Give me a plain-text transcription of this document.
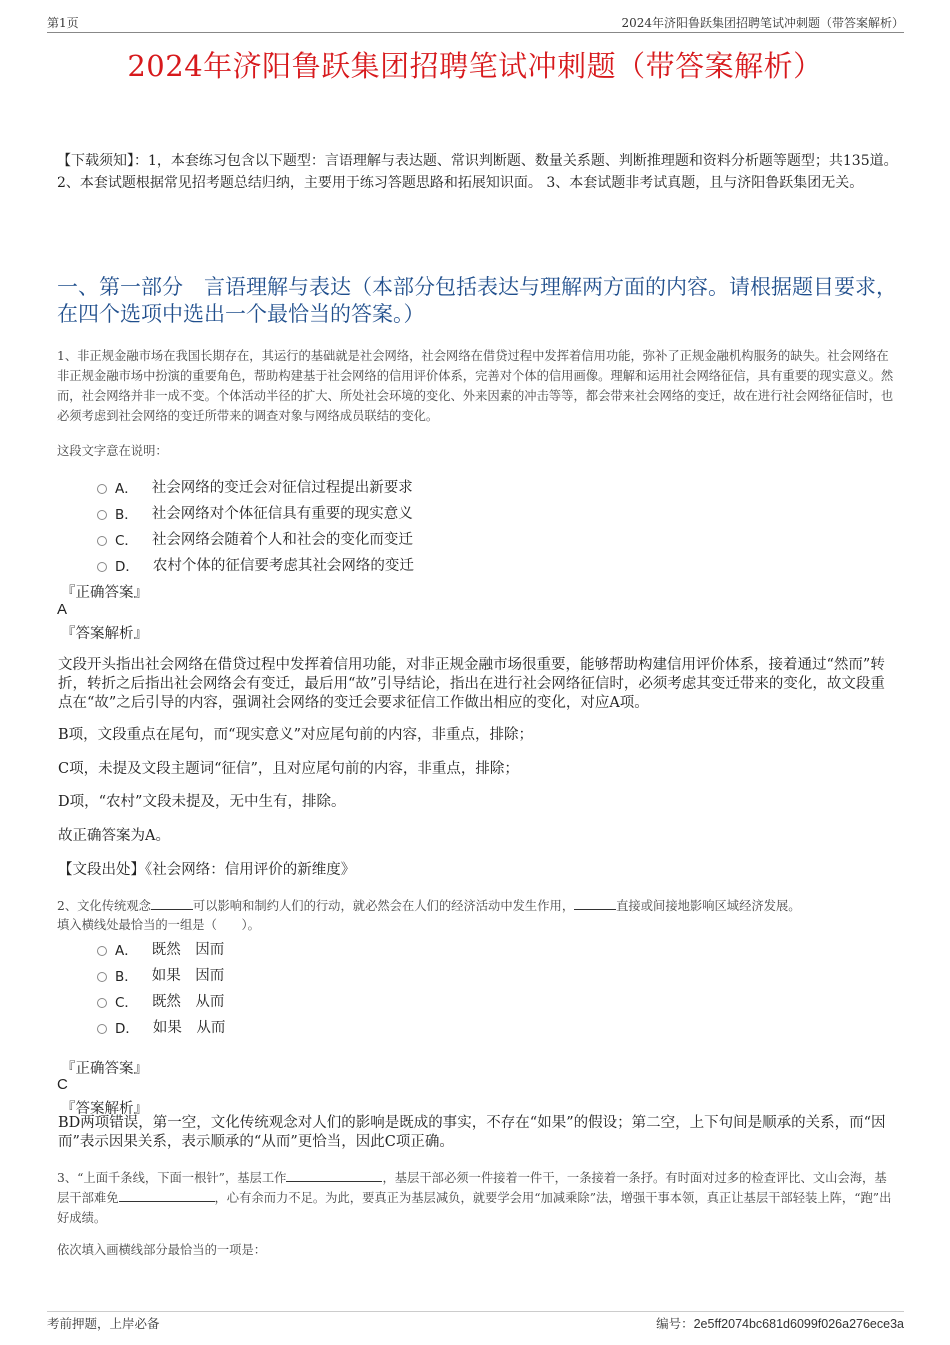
第1页	2024年济阳鲁跃集团招聘笔试冲刺题（带答案解析）
2024年济阳鲁跃集团招聘笔试冲刺题（带答案解析）
【下载须知】：1，本套练习包含以下题型：言语理解与表达题、常识判断题、数量关系题、判断推理题和资料分析题等题型；共135道。 2、本套试题根据常见招考题总结归纳，主要用于练习答题思路和拓展知识面。 3、本套试题非考试真题，且与济阳鲁跃集团无关。
一、第一部分　言语理解与表达（本部分包括表达与理解两方面的内容。请根据题目要求，在四个选项中选出一个最恰当的答案。）
1、非正规金融市场在我国长期存在，其运行的基础就是社会网络，社会网络在借贷过程中发挥着信用功能，弥补了正规金融机构服务的缺失。社会网络在非正规金融市场中扮演的重要角色，帮助构建基于社会网络的信用评价体系，完善对个体的信用画像。理解和运用社会网络征信，具有重要的现实意义。然而，社会网络并非一成不变。个体活动半径的扩大、所处社会环境的变化、外来因素的冲击等等，都会带来社会网络的变迁，故在进行社会网络征信时，也必须考虑到社会网络的变迁所带来的调查对象与网络成员联结的变化。
这段文字意在说明：
A． 社会网络的变迁会对征信过程提出新要求
B． 社会网络对个体征信具有重要的现实意义
C． 社会网络会随着个人和社会的变化而变迁
D． 农村个体的征信要考虑其社会网络的变迁
『正确答案』
A
『答案解析』
文段开头指出社会网络在借贷过程中发挥着信用功能，对非正规金融市场很重要，能够帮助构建信用评价体系，接着通过“然而”转折，转折之后指出社会网络会有变迁，最后用“故”引导结论，指出在进行社会网络征信时，必须考虑其变迁带来的变化，故文段重点在“故”之后引导的内容，强调社会网络的变迁会要求征信工作做出相应的变化，对应A项。
B项，文段重点在尾句，而“现实意义”对应尾句前的内容，非重点，排除；
C项，未提及文段主题词“征信”，且对应尾句前的内容，非重点，排除；
D项，“农村”文段未提及，无中生有，排除。
故正确答案为A。
【文段出处】《社会网络：信用评价的新维度》
2、文化传统观念	可以影响和制约人们的行动，就必然会在人们的经济活动中发生作用，	直接或间接地影响区域经济发展。
填入横线处最恰当的一组是（　　）。
A． 既然　因而
B． 如果　因而
C． 既然　从而
D． 如果　从而
『正确答案』
C
『答案解析』
BD两项错误，第一空，文化传统观念对人们的影响是既成的事实，不存在“如果”的假设；第二空，上下句间是顺承的关系，而“因而”表示因果关系，表示顺承的“从而”更恰当，因此C项正确。
3、“上面千条线，下面一根针”，基层工作	，基层干部必须一件接着一件干，一条接着一条抒。有时面对过多的检查评比、文山会海，基层干部难免	，心有余而力不足。为此，要真正为基层减负，就要学会用“加减乘除”法，增强干事本领，真正让基层干部轻装上阵，“跑”出好成绩。
依次填入画横线部分最恰当的一项是：
考前押题，上岸必备	编号：2e5ff2074bc681d6099f026a276ece3a
